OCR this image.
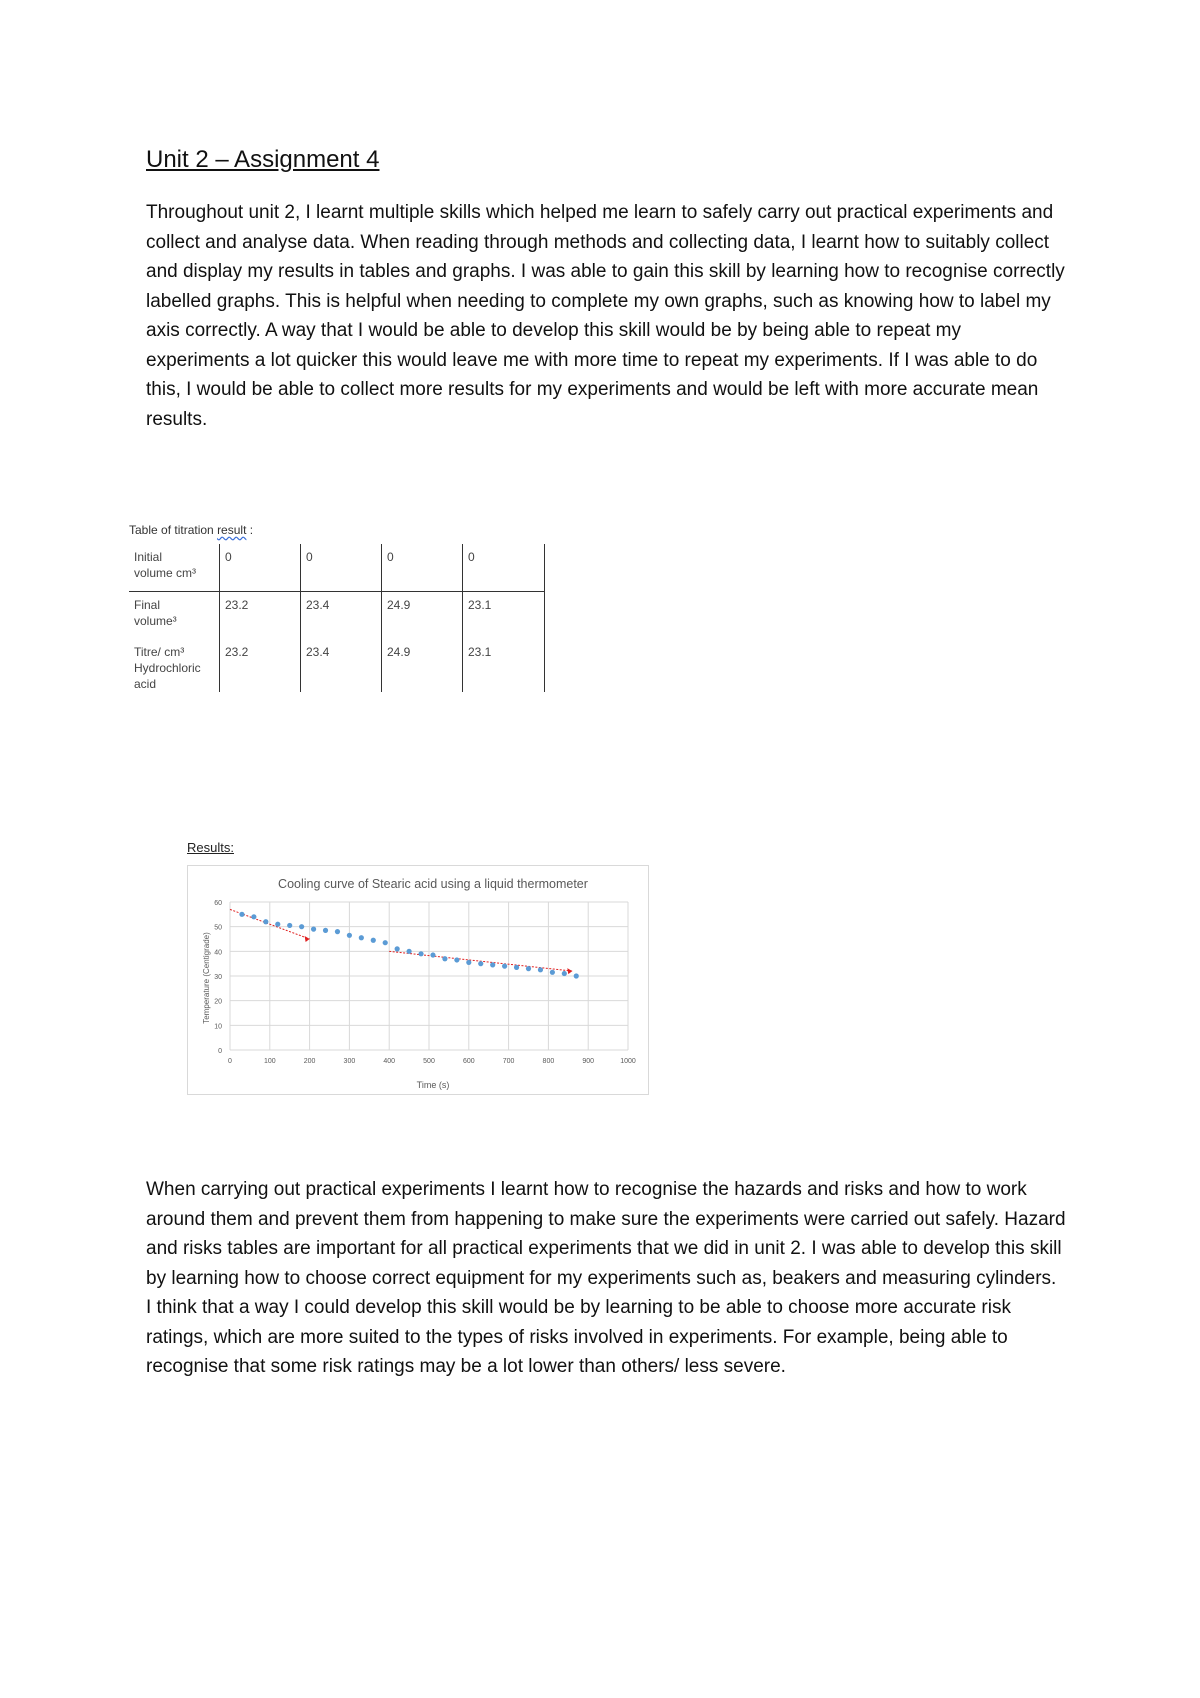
Unit 2 – Assignment 4

Throughout unit 2, I learnt multiple skills which helped me learn to safely carry out practical experiments and collect and analyse data. When reading through methods and collecting data, I learnt how to suitably collect and display my results in tables and graphs. I was able to gain this skill by learning how to recognise correctly labelled graphs. This is helpful when needing to complete my own graphs, such as knowing how to label my axis correctly. A way that I would be able to develop this skill would be by being able to repeat my experiments a lot quicker this would leave me with more time to repeat my experiments. If I was able to do this, I would be able to collect more results for my experiments and would be left with more accurate mean results.

Table of titration result :
Initial
volume cm³	0	0	0	0
Final
volume³	23.2	23.4	24.9	23.1
Titre/ cm³
Hydrochloric
acid	23.2	23.4	24.9	23.1
Results:
Cooling curve of Stearic acid using a liquid thermometer
0
10
20
30
40
50
60
0	100	200	300	400	500	600	700	800	900	1000
Time (s)
Temperature (Centigrade)

When carrying out practical experiments I learnt how to recognise the hazards and risks and how to work around them and prevent them from happening to make sure the experiments were carried out safely. Hazard and risks tables are important for all practical experiments that we did in unit 2. I was able to develop this skill by learning how to choose correct equipment for my experiments such as, beakers and measuring cylinders. I think that a way I could develop this skill would be by learning to be able to choose more accurate risk ratings, which are more suited to the types of risks involved in experiments. For example, being able to recognise that some risk ratings may be a lot lower than others/ less severe.
